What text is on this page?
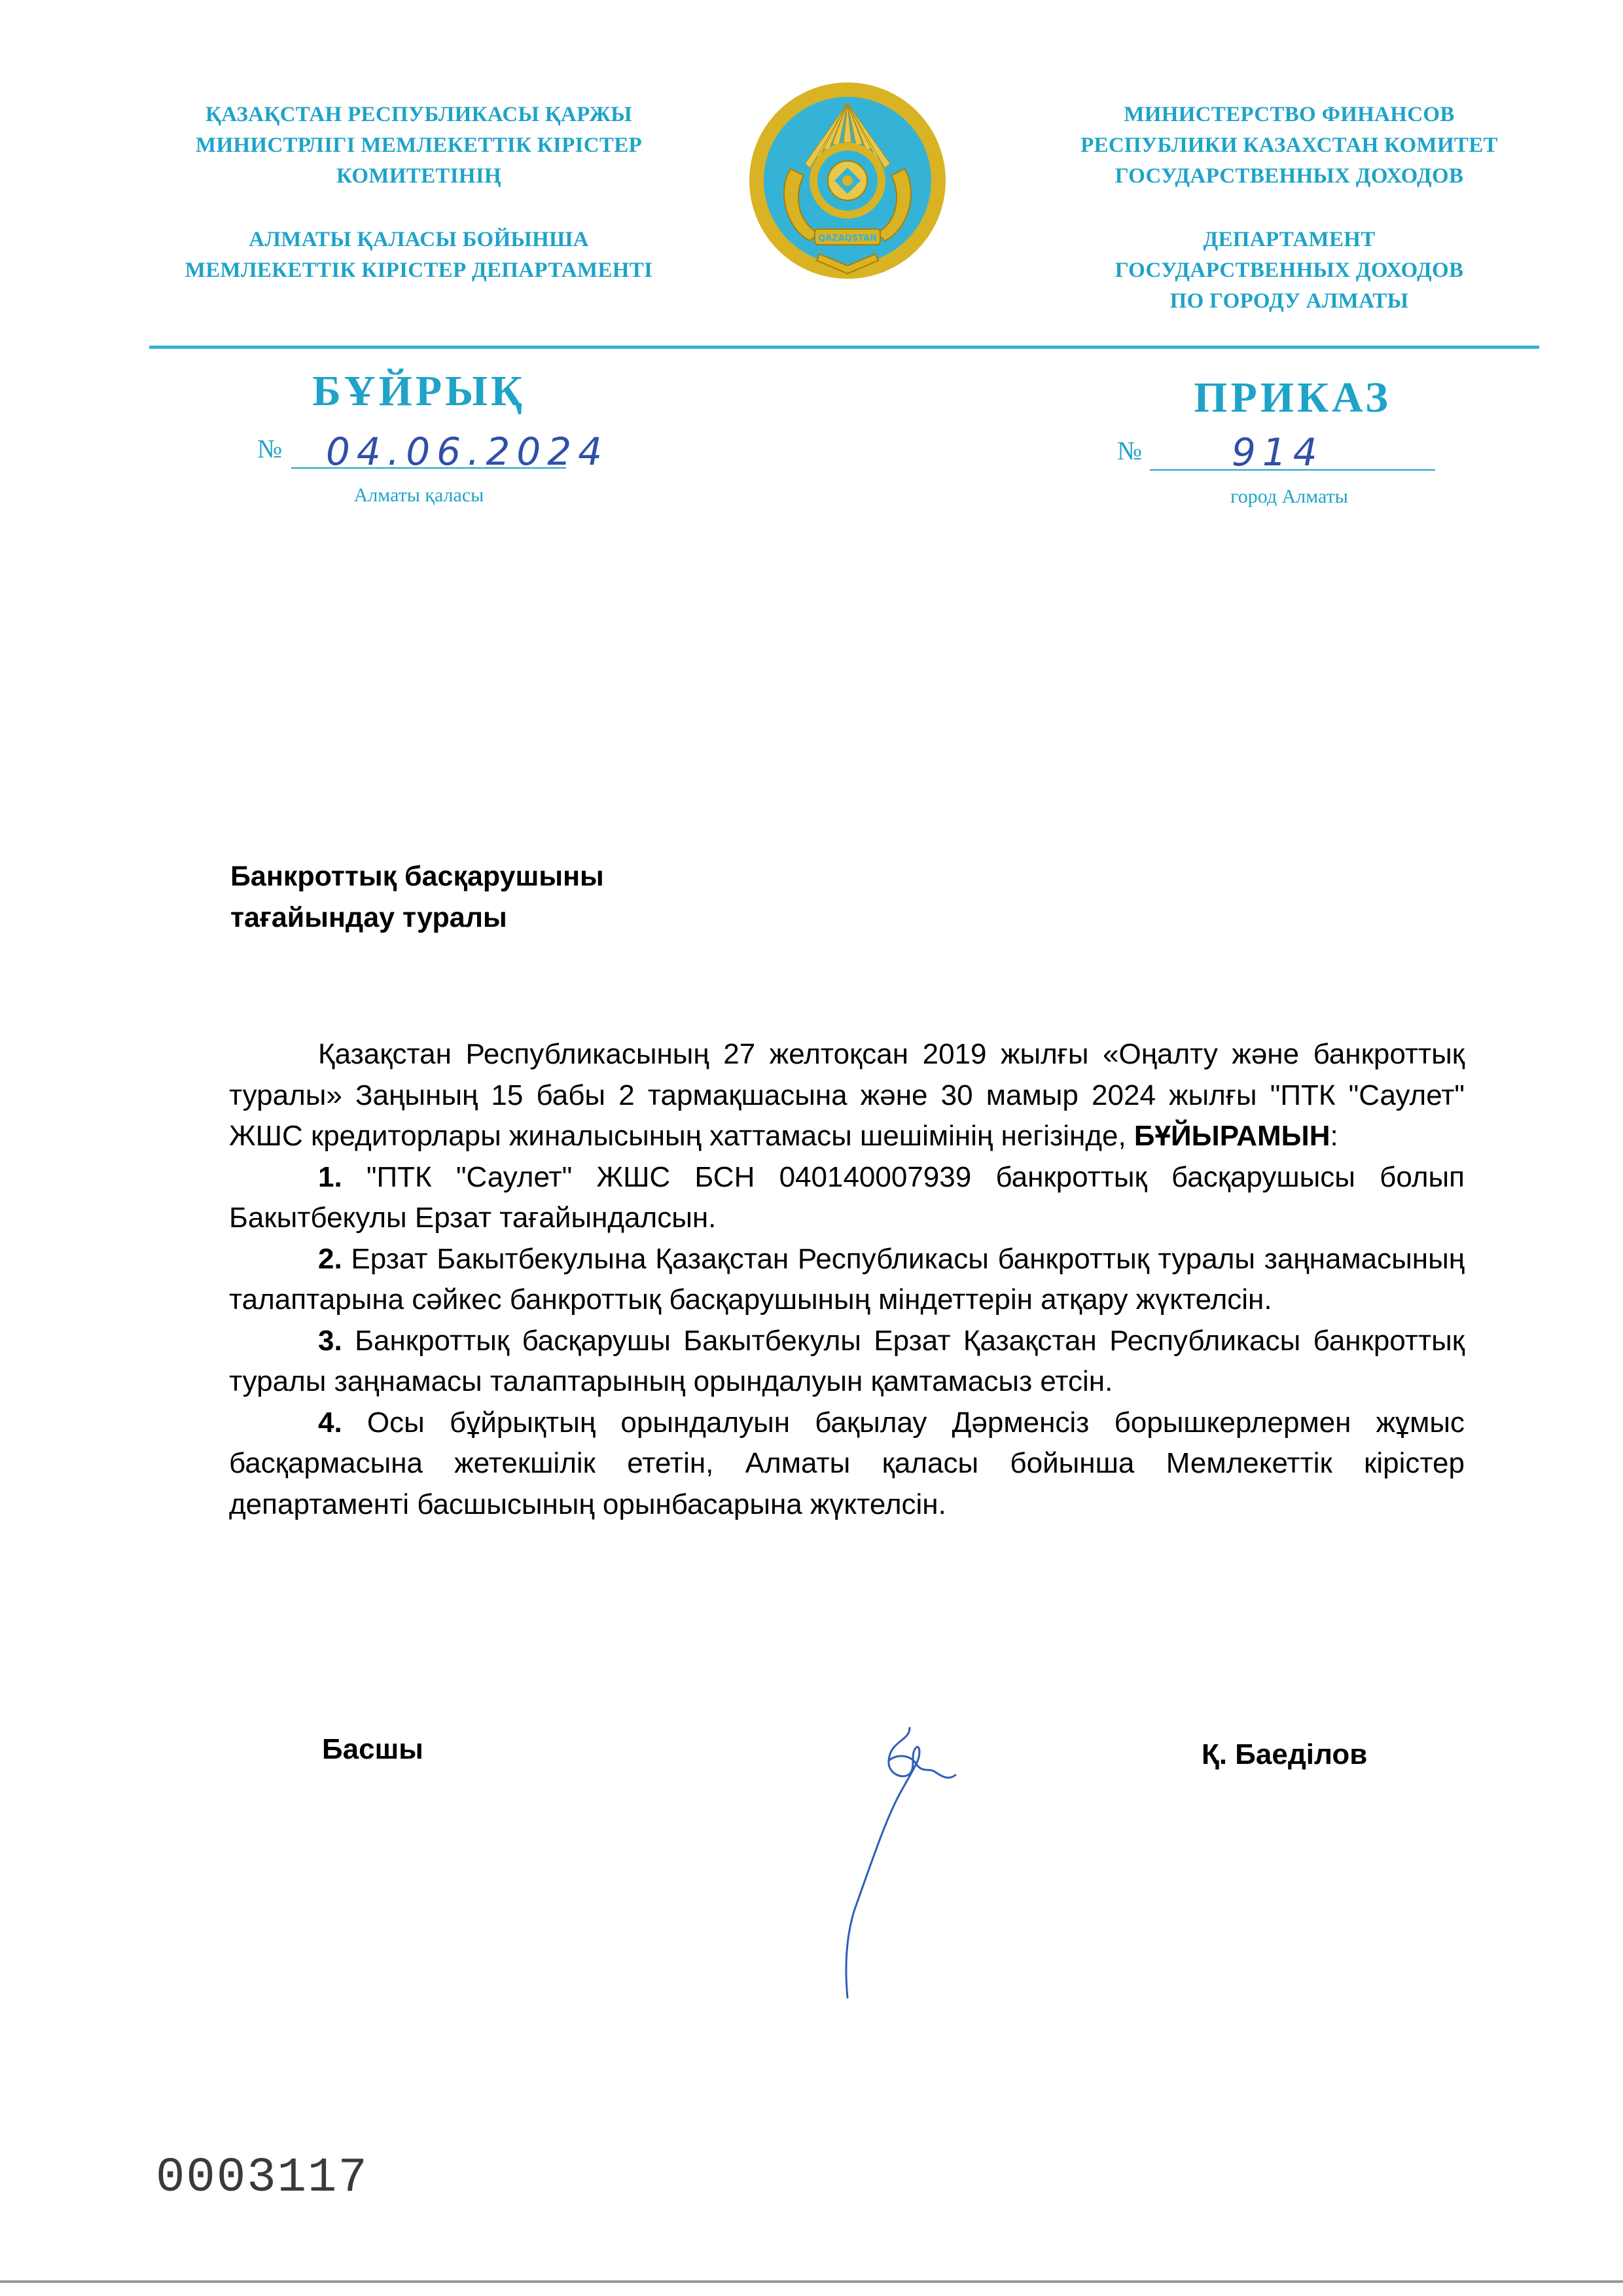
ҚАЗАҚСТАН РЕСПУБЛИКАСЫ ҚАРЖЫ
МИНИСТРЛІГІ МЕМЛЕКЕТТІК КІРІСТЕР
КОМИТЕТІНІҢ
АЛМАТЫ ҚАЛАСЫ БОЙЫНША
МЕМЛЕКЕТТІК КІРІСТЕР ДЕПАРТАМЕНТІ
QAZAQSTAN
МИНИСТЕРСТВО ФИНАНСОВ
РЕСПУБЛИКИ КАЗАХСТАН КОМИТЕТ
ГОСУДАРСТВЕННЫХ ДОХОДОВ
ДЕПАРТАМЕНТ
ГОСУДАРСТВЕННЫХ ДОХОДОВ
ПО ГОРОДУ АЛМАТЫ
БҰЙРЫҚ	ПРИКАЗ
№ 04.06.2024	№ 914
Алматы қаласы	город Алматы
Банкроттық басқарушыны
тағайындау туралы

Қазақстан Республикасының 27 желтоқсан 2019 жылғы «Оңалту және банкроттық туралы» Заңының 15 бабы 2 тармақшасына және 30 мамыр 2024 жылғы "ПТК "Саулет" ЖШС кредиторлары жиналысының хаттамасы шешімінің негізінде, БҰЙЫРАМЫН:

1. "ПТК "Саулет" ЖШС БСН 040140007939 банкроттық басқарушысы болып Бакытбекулы Ерзат тағайындалсын.

2. Ерзат Бакытбекулына Қазақстан Республикасы банкроттық туралы заңнамасының талаптарына сәйкес банкроттық басқарушының міндеттерін атқару жүктелсін.

3. Банкроттық басқарушы Бакытбекулы Ерзат Қазақстан Республикасы банкроттық туралы заңнамасы талаптарының орындалуын қамтамасыз етсін.

4. Осы бұйрықтың орындалуын бақылау Дәрменсіз борышкерлермен жұмыс басқармасына жетекшілік ететін, Алматы қаласы бойынша Мемлекеттік кірістер департаменті басшысының орынбасарына жүктелсін.

Басшы	Қ. Баеділов
0003117
